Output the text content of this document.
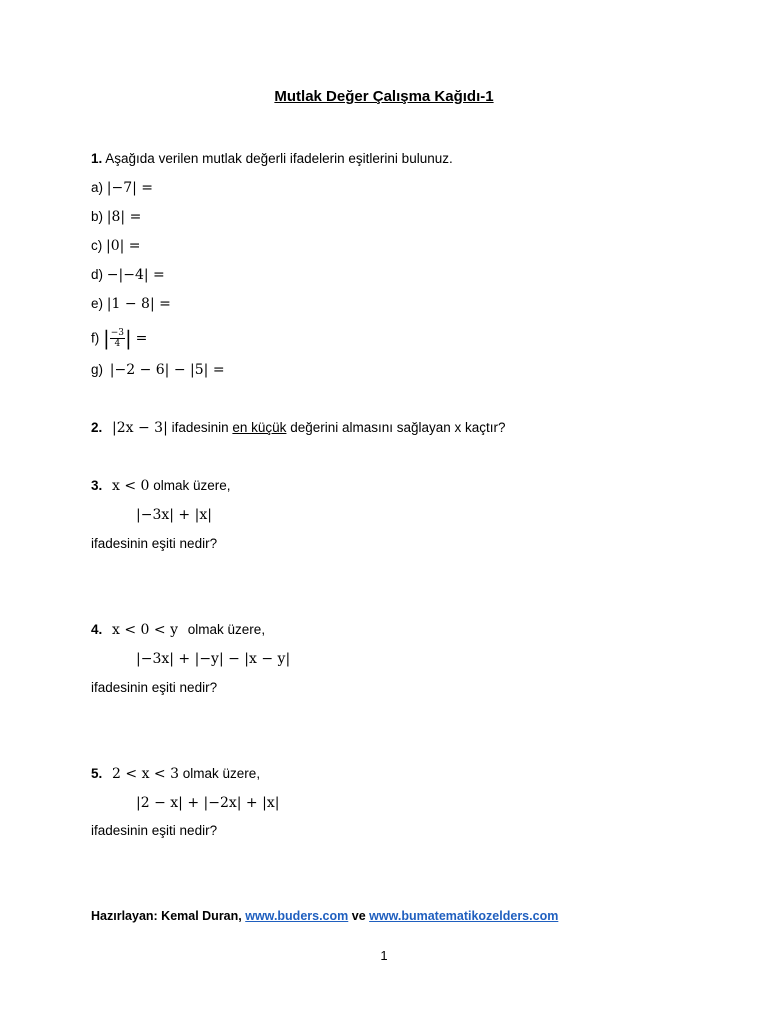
Mutlak Değer Çalışma Kağıdı-1
1. Aşağıda verilen mutlak değerli ifadelerin eşitlerini bulunuz.
a) |−7| =
b) |8| =
c) |0| =
d) −|−4| =
e) |1 − 8| =
f) | $\frac{-3}{4}$ | =
g) |−2 − 6| − |5| =
2. |2x − 3| ifadesinin en küçük değerini almasını sağlayan x kaçtır?
3. x < 0 olmak üzere,
|−3x| + |x|
ifadesinin eşiti nedir?
4. x < 0 < y olmak üzere,
|−3x| + |−y| − |x − y|
ifadesinin eşiti nedir?
5. 2 < x < 3 olmak üzere,
|2 − x| + |−2x| + |x|
ifadesinin eşiti nedir?
Hazırlayan: Kemal Duran, www.buders.com ve www.bumatematikozelders.com
1
